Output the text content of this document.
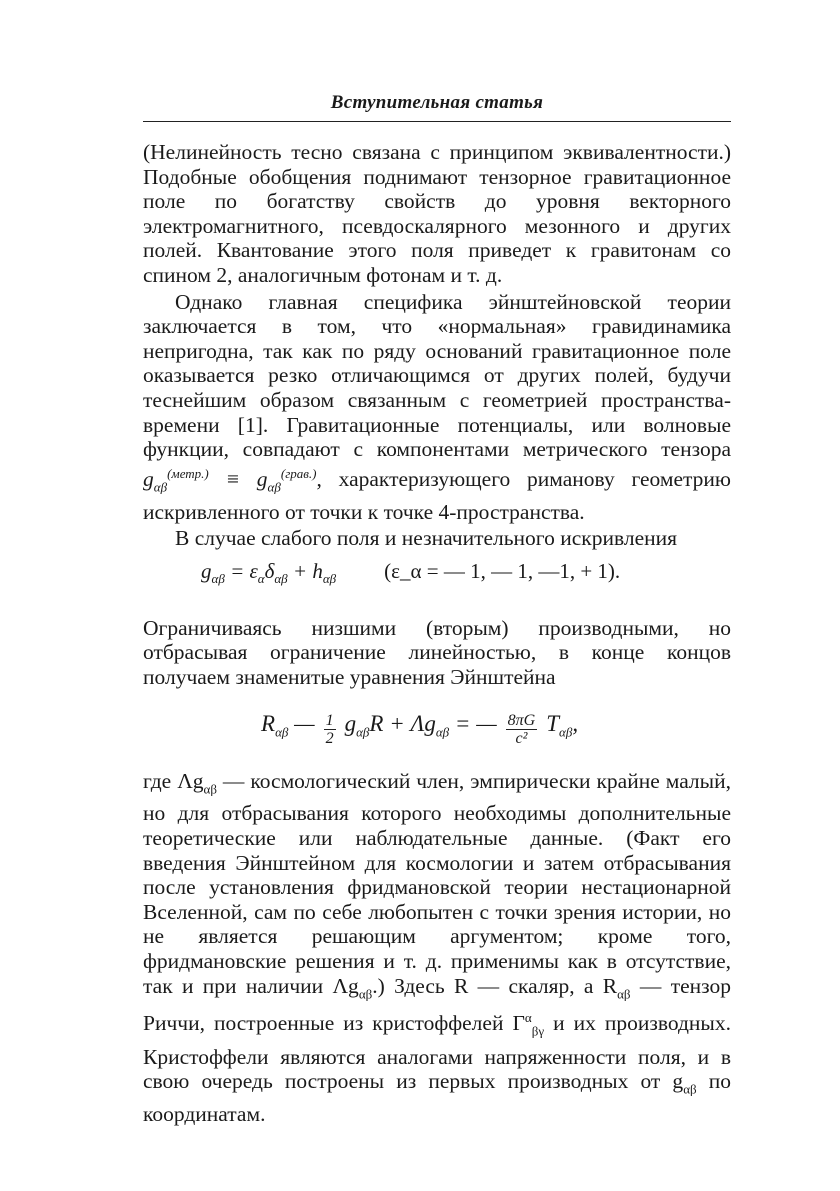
Вступительная статья

(Нелинейность тесно связана с принципом эквивалентности.) Подобные обобщения поднимают тензорное гравитационное поле по богатству свойств до уровня векторного электромагнитного, псевдоскалярного мезонного и других полей. Квантование этого поля приведет к гравитонам со спином 2, аналогичным фотонам и т. д.

Однако главная специфика эйнштейновской теории заключается в том, что «нормальная» гравидинамика непригодна, так как по ряду оснований гравитационное поле оказывается резко отличающимся от других полей, будучи теснейшим образом связанным с геометрией пространства-времени [1]. Гравитационные потенциалы, или волновые функции, совпадают с компонентами метрического тензора $g_{\alpha\beta}^{(метр.)} \equiv g_{\alpha\beta}^{(грав.)}$, характеризующего риманову геометрию искривленного от точки к точке 4-пространства.

В случае слабого поля и незначительного искривления

$g_{\alpha\beta} = \varepsilon_\alpha\delta_{\alpha\beta} + h_{\alpha\beta}$ (ε_α = — 1, — 1, —1, + 1).

Ограничиваясь низшими (вторым) производными, но отбрасывая ограничение линейностью, в конце концов получаем знаменитые уравнения Эйнштейна

$R_{\alpha\beta}$ — $\frac{1}{2} g_{\alpha\beta}R + \Lambda g_{\alpha\beta}$ = — $\frac{8\pi G}{\text{c²}} T_{\alpha\beta}$,

где $\Lambda g_{\alpha\beta}$ — космологический член, эмпирически крайне малый, но для отбрасывания которого необходимы дополнительные теоретические или наблюдательные данные. (Факт его введения Эйнштейном для космологии и затем отбрасывания после установления фридмановской теории нестационарной Вселенной, сам по себе любопытен с точки зрения истории, но не является решающим аргументом; кроме того, фридмановские решения и т. д. применимы как в отсутствие, так и при наличии $\Lambda g_{\alpha\beta}$.) Здесь R — скаляр, а $R_{\alpha\beta}$ — тензор Риччи, построенные из кристоффелей $\Gamma^\alpha_{\beta\gamma}$ и их производных. Кристоффели являются аналогами напряженности поля, и в свою очередь построены из первых производных от $g_{\alpha\beta}$ по координатам.
